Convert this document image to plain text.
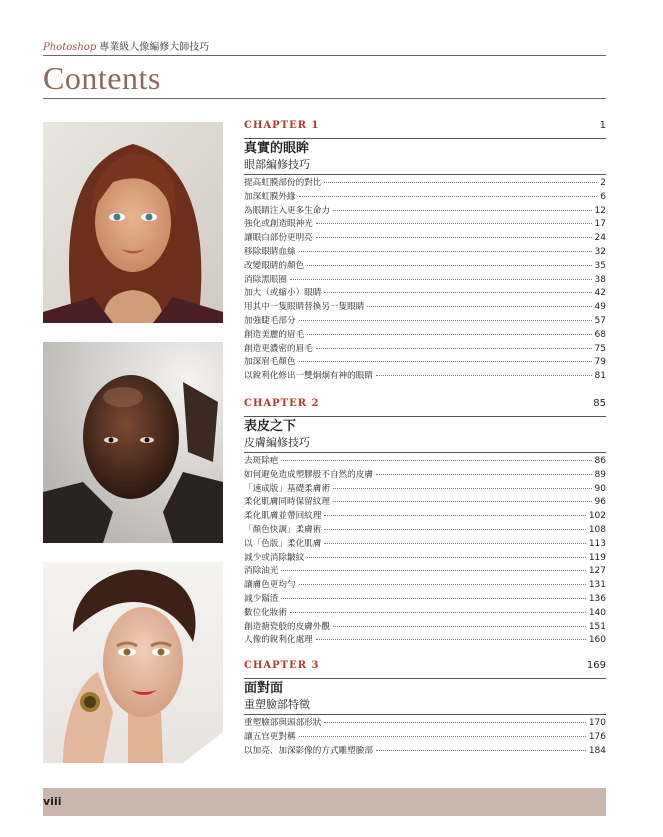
Photoshop 專業級人像編修大師技巧
Contents
CHAPTER 1	1
真實的眼眸
眼部編修技巧
提高虹膜部份的對比	2
加深虹膜外緣	6
為眼睛注入更多生命力	12
強化或創造眼神光	17
讓眼白部份更明亮	24
移除眼睛血絲	32
改變眼睛的顏色	35
消除黑眼圈	38
加大（或縮小）眼睛	42
用其中一隻眼睛替換另一隻眼睛	49
加強睫毛部分	57
創造美麗的眉毛	68
創造更濃密的眉毛	75
加深眉毛顏色	79
以銳利化修出一雙炯炯有神的眼睛	81
CHAPTER 2	85
表皮之下
皮膚編修技巧
去斑除疤	86
如何避免造成塑膠般不自然的皮膚	89
「速成版」基礎柔膚術	90
柔化肌膚同時保留紋理	96
柔化肌膚並帶回紋理	102
「顏色快調」柔膚術	108
以「色版」柔化肌膚	113
減少或消除皺紋	119
消除油光	127
讓膚色更均勻	131
減少鬍渣	136
數位化妝術	140
創造搪瓷般的皮膚外觀	151
人像的銳利化處理	160
CHAPTER 3	169
面對面
重塑臉部特徵
重塑臉部與頭部形狀	170
讓五官更對稱	176
以加亮、加深影像的方式雕塑臉部	184
viii
